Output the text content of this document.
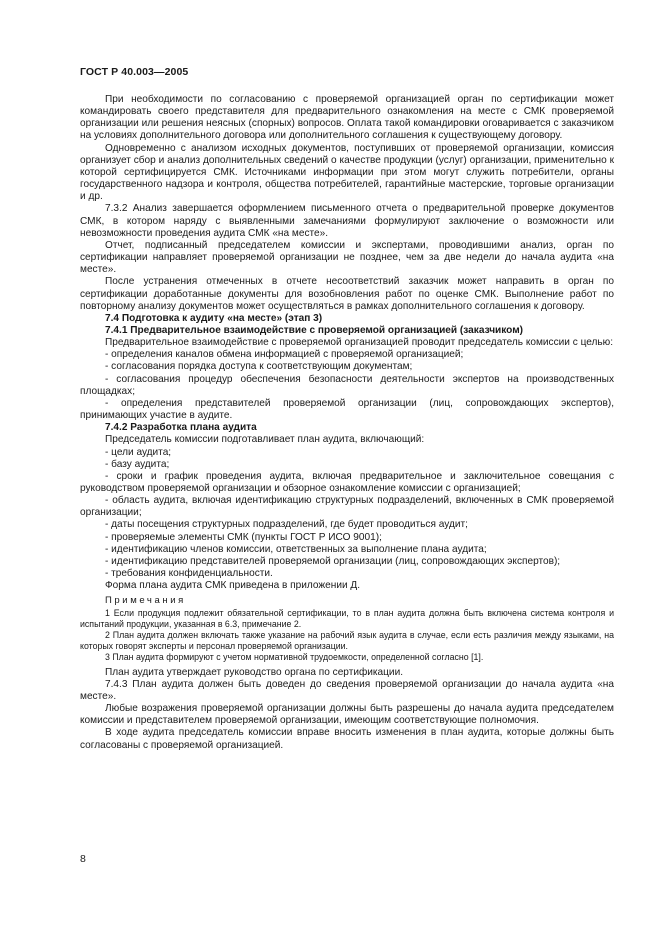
ГОСТ Р 40.003—2005

При необходимости по согласованию с проверяемой организацией орган по сертификации может командировать своего представителя для предварительного ознакомления на месте с СМК проверяемой организации или решения неясных (спорных) вопросов. Оплата такой командировки оговаривается с заказчиком на условиях дополнительного договора или дополнительного соглашения к существующему договору.

Одновременно с анализом исходных документов, поступивших от проверяемой организации, комиссия организует сбор и анализ дополнительных сведений о качестве продукции (услуг) организации, применительно к которой сертифицируется СМК. Источниками информации при этом могут служить потребители, органы государственного надзора и контроля, общества потребителей, гарантийные мастерские, торговые организации и др.

7.3.2 Анализ завершается оформлением письменного отчета о предварительной проверке документов СМК, в котором наряду с выявленными замечаниями формулируют заключение о возможности или невозможности проведения аудита СМК «на месте».

Отчет, подписанный председателем комиссии и экспертами, проводившими анализ, орган по сертификации направляет проверяемой организации не позднее, чем за две недели до начала аудита «на месте».

После устранения отмеченных в отчете несоответствий заказчик может направить в орган по сертификации доработанные документы для возобновления работ по оценке СМК. Выполнение работ по повторному анализу документов может осуществляться в рамках дополнительного соглашения к договору.

7.4 Подготовка к аудиту «на месте» (этап 3)

7.4.1 Предварительное взаимодействие с проверяемой организацией (заказчиком)

Предварительное взаимодействие с проверяемой организацией проводит председатель комиссии с целью:

- определения каналов обмена информацией с проверяемой организацией;

- согласования порядка доступа к соответствующим документам;

- согласования процедур обеспечения безопасности деятельности экспертов на производственных площадках;

- определения представителей проверяемой организации (лиц, сопровождающих экспертов), принимающих участие в аудите.

7.4.2 Разработка плана аудита

Председатель комиссии подготавливает план аудита, включающий:

- цели аудита;

- базу аудита;

- сроки и график проведения аудита, включая предварительное и заключительное совещания с руководством проверяемой организации и обзорное ознакомление комиссии с организацией;

- область аудита, включая идентификацию структурных подразделений, включенных в СМК проверяемой организации;

- даты посещения структурных подразделений, где будет проводиться аудит;

- проверяемые элементы СМК (пункты ГОСТ Р ИСО 9001);

- идентификацию членов комиссии, ответственных за выполнение плана аудита;

- идентификацию представителей проверяемой организации (лиц, сопровождающих экспертов);

- требования конфиденциальности.

Форма плана аудита СМК приведена в приложении Д.

Примечания

1 Если продукция подлежит обязательной сертификации, то в план аудита должна быть включена система контроля и испытаний продукции, указанная в 6.3, примечание 2.

2 План аудита должен включать также указание на рабочий язык аудита в случае, если есть различия между языками, на которых говорят эксперты и персонал проверяемой организации.

3 План аудита формируют с учетом нормативной трудоемкости, определенной согласно [1].

План аудита утверждает руководство органа по сертификации.

7.4.3 План аудита должен быть доведен до сведения проверяемой организации до начала аудита «на месте».

Любые возражения проверяемой организации должны быть разрешены до начала аудита председателем комиссии и представителем проверяемой организации, имеющим соответствующие полномочия.

В ходе аудита председатель комиссии вправе вносить изменения в план аудита, которые должны быть согласованы с проверяемой организацией.

8
